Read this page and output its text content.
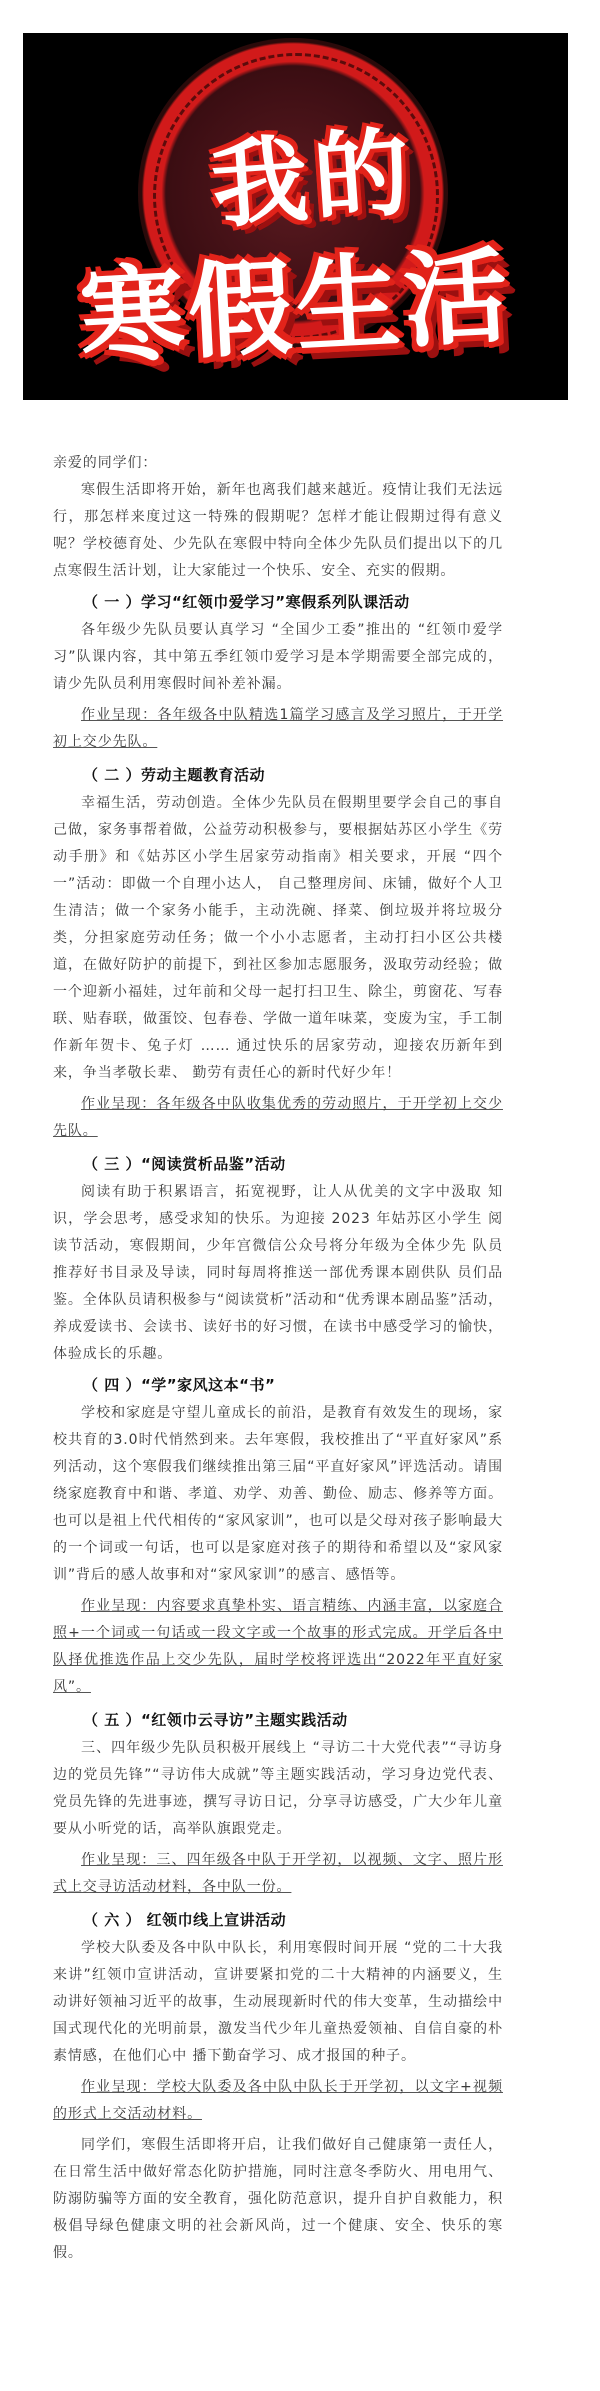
我的
寒假生活

亲爱的同学们：

寒假生活即将开始，新年也离我们越来越近。疫情让我们无法远行，那怎样来度过这一特殊的假期呢？怎样才能让假期过得有意义呢？学校德育处、少先队在寒假中特向全体少先队员们提出以下的几点寒假生活计划，让大家能过一个快乐、安全、充实的假期。

（ 一 ）学习“红领巾爱学习”寒假系列队课活动

各年级少先队员要认真学习 “全国少工委”推出的 “红领巾爱学习”队课内容，其中第五季红领巾爱学习是本学期需要全部完成的，请少先队员利用寒假时间补差补漏。

作业呈现：各年级各中队精选1篇学习感言及学习照片，于开学初上交少先队。

（ 二 ）劳动主题教育活动

幸福生活，劳动创造。全体少先队员在假期里要学会自己的事自己做，家务事帮着做，公益劳动积极参与，要根据姑苏区小学生《劳动手册》和《姑苏区小学生居家劳动指南》相关要求，开展 “四个一”活动：即做一个自理小达人， 自己整理房间、床铺，做好个人卫生清洁；做一个家务小能手，主动洗碗、择菜、倒垃圾并将垃圾分类，分担家庭劳动任务；做一个小小志愿者，主动打扫小区公共楼道，在做好防护的前提下，到社区参加志愿服务，汲取劳动经验；做一个迎新小福娃，过年前和父母一起打扫卫生、除尘，剪窗花、写春联、贴春联，做蛋饺、包春卷、学做一道年味菜，变废为宝，手工制作新年贺卡、兔子灯 …… 通过快乐的居家劳动，迎接农历新年到来，争当孝敬长辈、 勤劳有责任心的新时代好少年！

作业呈现：各年级各中队收集优秀的劳动照片，于开学初上交少先队。

（ 三 ）“阅读赏析品鉴”活动

阅读有助于积累语言，拓宽视野，让人从优美的文字中汲取 知识，学会思考，感受求知的快乐。为迎接 2023 年姑苏区小学生 阅读节活动，寒假期间，少年宫微信公众号将分年级为全体少先 队员推荐好书目录及导读，同时每周将推送一部优秀课本剧供队 员们品鉴。全体队员请积极参与“阅读赏析”活动和“优秀课本剧品鉴”活动，养成爱读书、会读书、读好书的好习惯，在读书中感受学习的愉快，体验成长的乐趣。

（ 四 ）“学”家风这本“书”

学校和家庭是守望儿童成长的前沿，是教育有效发生的现场，家校共育的3.0时代悄然到来。去年寒假，我校推出了“平直好家风”系列活动，这个寒假我们继续推出第三届“平直好家风”评选活动。请围绕家庭教育中和谐、孝道、劝学、劝善、勤俭、励志、修养等方面。也可以是祖上代代相传的“家风家训”，也可以是父母对孩子影响最大的一个词或一句话，也可以是家庭对孩子的期待和希望以及“家风家训”背后的感人故事和对“家风家训”的感言、感悟等。

作业呈现：内容要求真挚朴实、语言精练、内涵丰富，以家庭合照+一个词或一句话或一段文字或一个故事的形式完成。开学后各中队择优推选作品上交少先队，届时学校将评选出“2022年平直好家风”。

（ 五 ）“红领巾云寻访”主题实践活动

三、四年级少先队员积极开展线上 “寻访二十大党代表”“寻访身边的党员先锋”“寻访伟大成就”等主题实践活动，学习身边党代表、党员先锋的先进事迹，撰写寻访日记，分享寻访感受，广大少年儿童要从小听党的话，高举队旗跟党走。

作业呈现：三、四年级各中队于开学初，以视频、文字、照片形式上交寻访活动材料，各中队一份。

（ 六 ） 红领巾线上宣讲活动

学校大队委及各中队中队长，利用寒假时间开展 “党的二十大我来讲”红领巾宣讲活动，宣讲要紧扣党的二十大精神的内涵要义，生动讲好领袖习近平的故事，生动展现新时代的伟大变革，生动描绘中国式现代化的光明前景，激发当代少年儿童热爱领袖、自信自豪的朴素情感，在他们心中 播下勤奋学习、成才报国的种子。

作业呈现：学校大队委及各中队中队长于开学初，以文字+视频的形式上交活动材料。

同学们，寒假生活即将开启，让我们做好自己健康第一责任人，在日常生活中做好常态化防护措施，同时注意冬季防火、用电用气、防溺防骗等方面的安全教育，强化防范意识，提升自护自救能力，积极倡导绿色健康文明的社会新风尚，过一个健康、安全、快乐的寒假。
